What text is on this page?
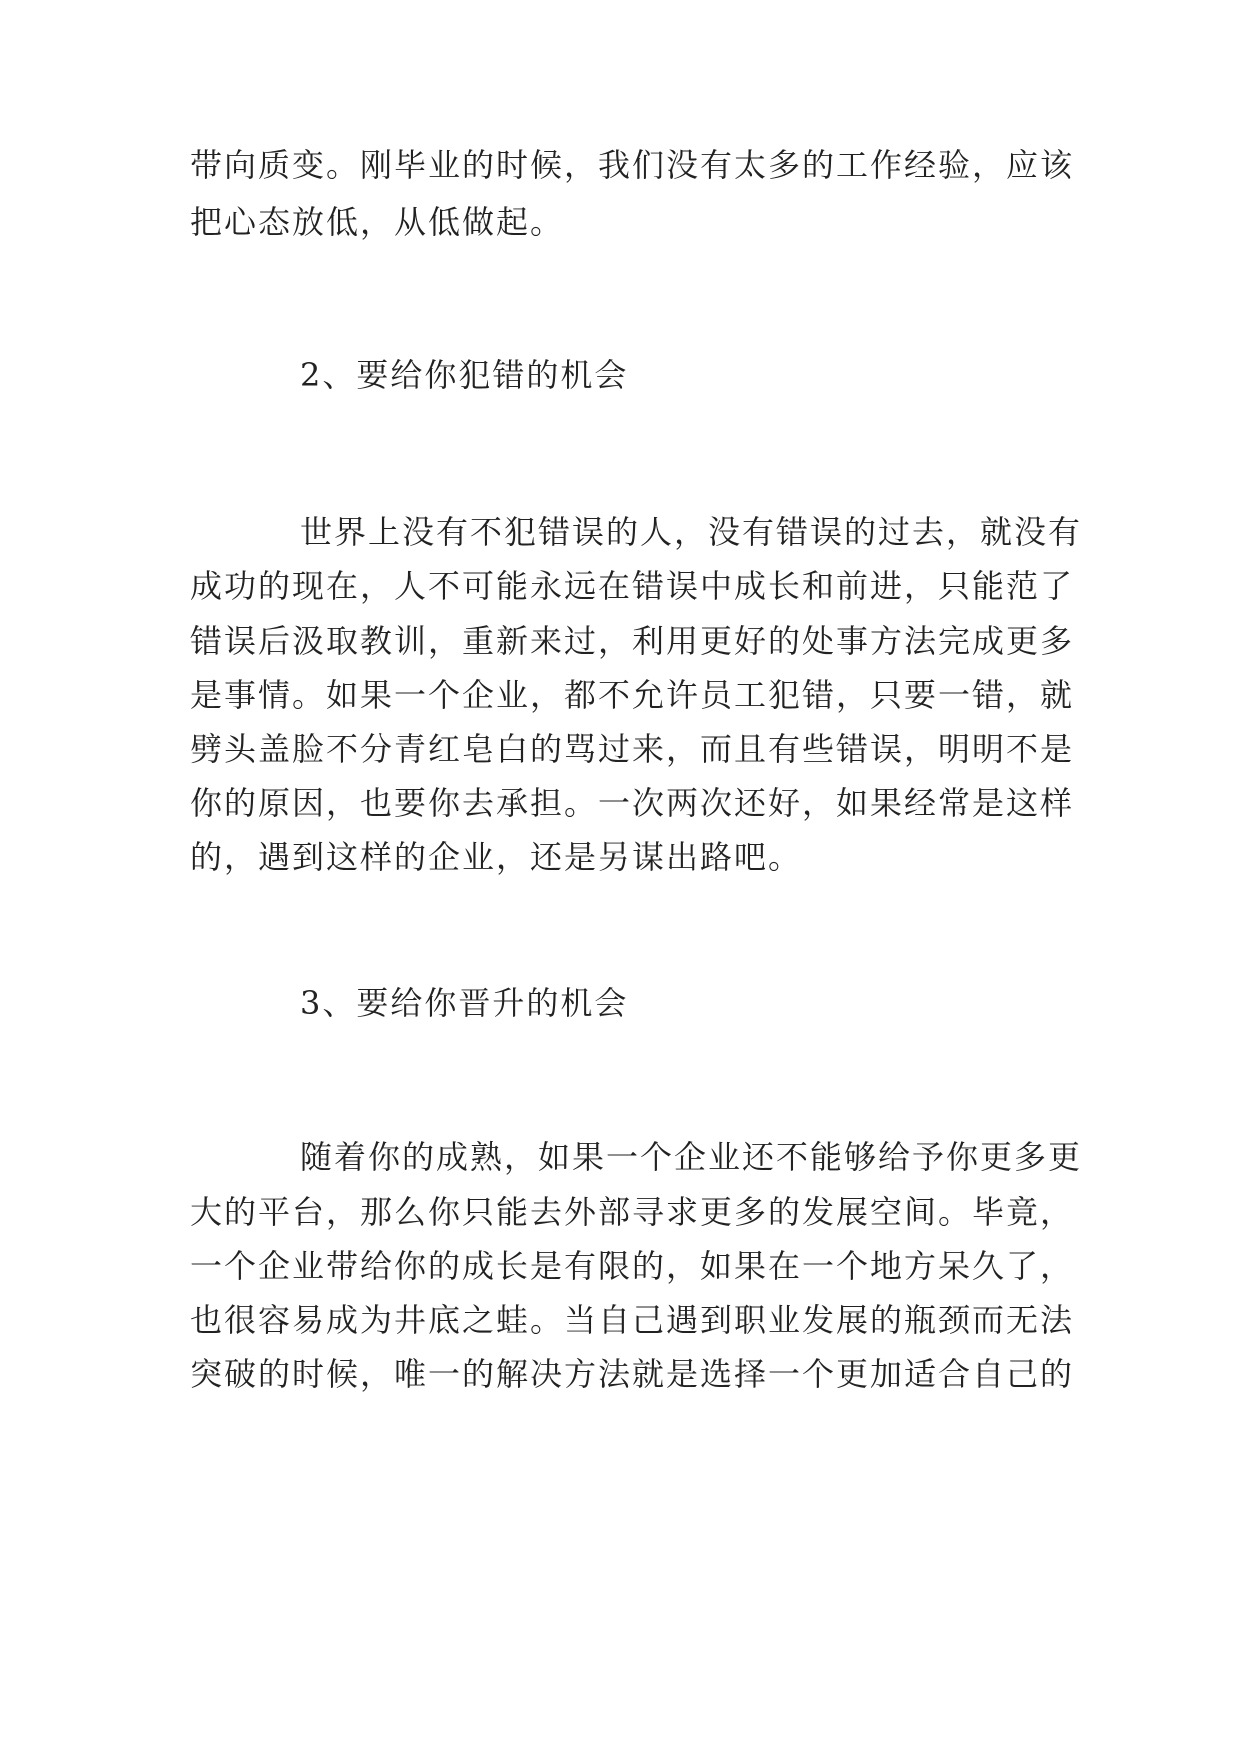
带向质变。刚毕业的时候，我们没有太多的工作经验，应该
把心态放低，从低做起。
2、要给你犯错的机会
世界上没有不犯错误的人，没有错误的过去，就没有
成功的现在，人不可能永远在错误中成长和前进，只能范了
错误后汲取教训，重新来过，利用更好的处事方法完成更多
是事情。如果一个企业，都不允许员工犯错，只要一错，就
劈头盖脸不分青红皂白的骂过来，而且有些错误，明明不是
你的原因，也要你去承担。一次两次还好，如果经常是这样
的，遇到这样的企业，还是另谋出路吧。
3、要给你晋升的机会
随着你的成熟，如果一个企业还不能够给予你更多更
大的平台，那么你只能去外部寻求更多的发展空间。毕竟，
一个企业带给你的成长是有限的，如果在一个地方呆久了，
也很容易成为井底之蛙。当自己遇到职业发展的瓶颈而无法
突破的时候，唯一的解决方法就是选择一个更加适合自己的
